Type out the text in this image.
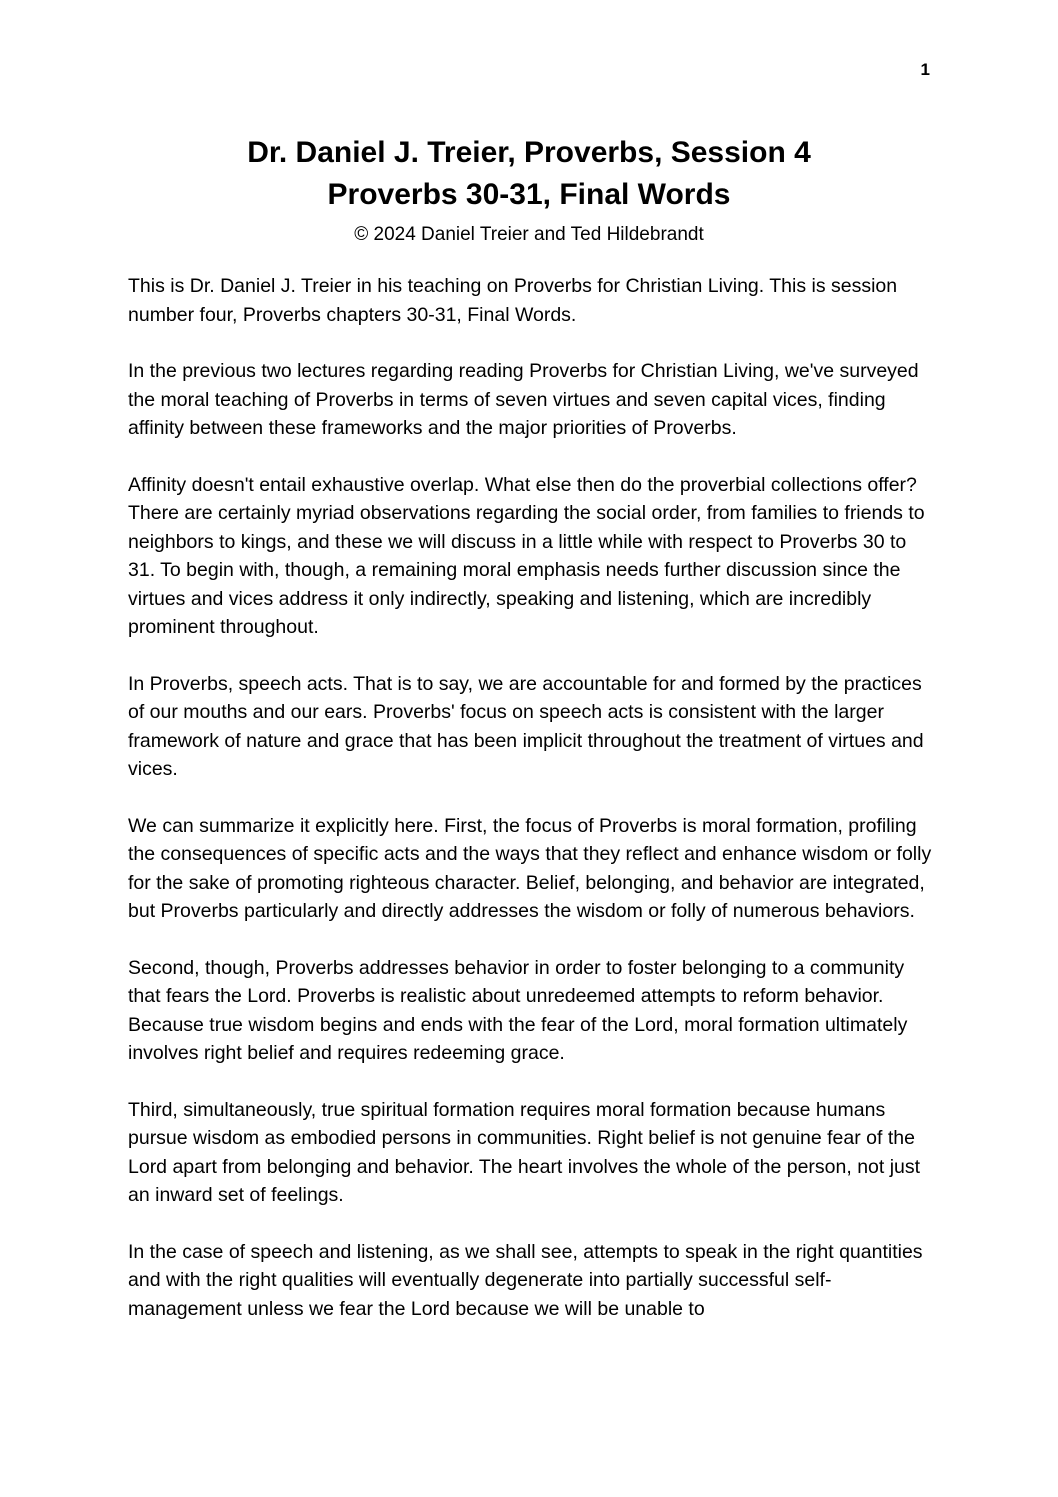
1
Dr. Daniel J. Treier, Proverbs, Session 4
Proverbs 30-31, Final Words
© 2024 Daniel Treier and Ted Hildebrandt

This is Dr. Daniel J. Treier in his teaching on Proverbs for Christian Living. This is session number four, Proverbs chapters 30-31, Final Words.

In the previous two lectures regarding reading Proverbs for Christian Living, we've surveyed the moral teaching of Proverbs in terms of seven virtues and seven capital vices, finding affinity between these frameworks and the major priorities of Proverbs.

Affinity doesn't entail exhaustive overlap. What else then do the proverbial collections offer? There are certainly myriad observations regarding the social order, from families to friends to neighbors to kings, and these we will discuss in a little while with respect to Proverbs 30 to 31. To begin with, though, a remaining moral emphasis needs further discussion since the virtues and vices address it only indirectly, speaking and listening, which are incredibly prominent throughout.

In Proverbs, speech acts. That is to say, we are accountable for and formed by the practices of our mouths and our ears. Proverbs' focus on speech acts is consistent with the larger framework of nature and grace that has been implicit throughout the treatment of virtues and vices.

We can summarize it explicitly here. First, the focus of Proverbs is moral formation, profiling the consequences of specific acts and the ways that they reflect and enhance wisdom or folly for the sake of promoting righteous character. Belief, belonging, and behavior are integrated, but Proverbs particularly and directly addresses the wisdom or folly of numerous behaviors.

Second, though, Proverbs addresses behavior in order to foster belonging to a community that fears the Lord. Proverbs is realistic about unredeemed attempts to reform behavior. Because true wisdom begins and ends with the fear of the Lord, moral formation ultimately involves right belief and requires redeeming grace.

Third, simultaneously, true spiritual formation requires moral formation because humans pursue wisdom as embodied persons in communities. Right belief is not genuine fear of the Lord apart from belonging and behavior. The heart involves the whole of the person, not just an inward set of feelings.

In the case of speech and listening, as we shall see, attempts to speak in the right quantities and with the right qualities will eventually degenerate into partially successful self-management unless we fear the Lord because we will be unable to
